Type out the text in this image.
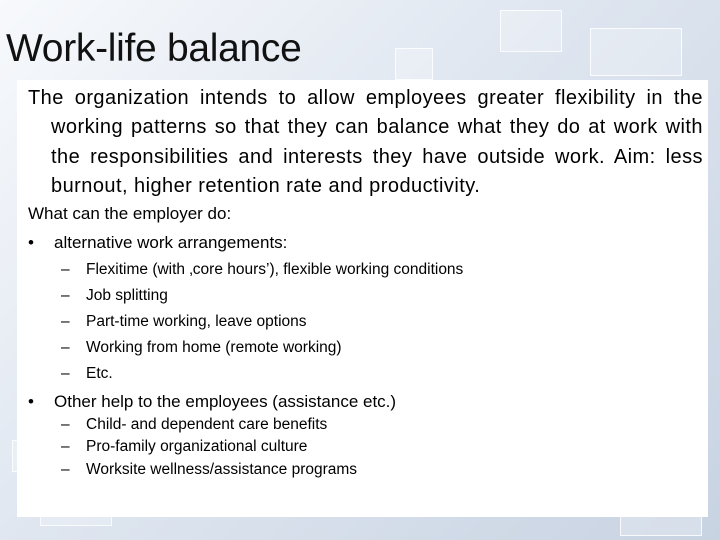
Work-life balance
The organization intends to allow employees greater flexibility in the working patterns so that they can balance what they do at work with the responsibilities and interests they have outside work. Aim: less burnout, higher retention rate and productivity.
What can the employer do:
• alternative work arrangements:
– Flexitime (with ‚core hours’), flexible working conditions
– Job splitting
– Part-time working, leave options
– Working from home (remote working)
– Etc.
• Other help to the employees (assistance etc.)
– Child- and dependent care benefits
– Pro-family organizational culture
– Worksite wellness/assistance programs
